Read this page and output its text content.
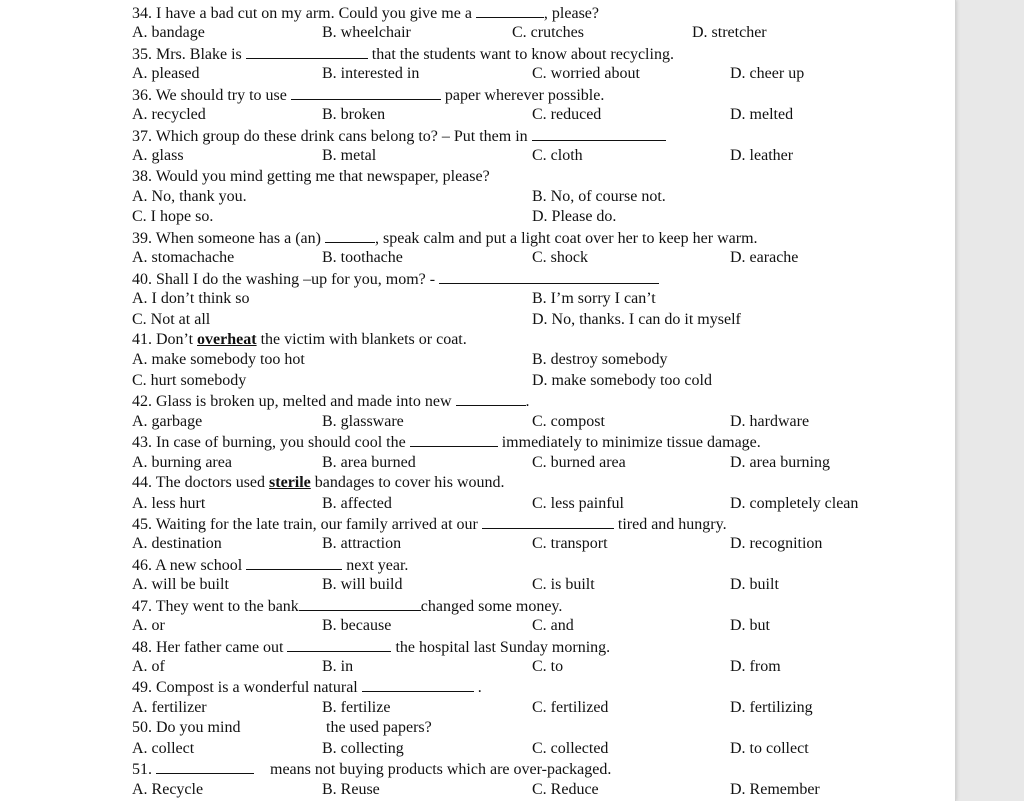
34. I have a bad cut on my arm. Could you give me a	, please?
A. bandage	B. wheelchair	C. crutches	D. stretcher
35. Mrs. Blake is	that the students want to know about recycling.
A. pleased	B. interested in	C. worried about	D. cheer up
36. We should try to use	paper wherever possible.
A. recycled	B. broken	C. reduced	D. melted
37. Which group do these drink cans belong to? – Put them in
A. glass	B. metal	C. cloth	D. leather
38. Would you mind getting me that newspaper, please?
A. No, thank you.	B. No, of course not.
C. I hope so.	D. Please do.
39. When someone has a (an)	, speak calm and put a light coat over her to keep her warm.
A. stomachache	B. toothache	C. shock	D. earache
40. Shall I do the washing –up for you, mom? -
A. I don’t think so	B. I’m sorry I can’t
C. Not at all	D. No, thanks. I can do it myself
41. Don’t overheat the victim with blankets or coat.
A. make somebody too hot	B. destroy somebody
C. hurt somebody	D. make somebody too cold
42. Glass is broken up, melted and made into new	.
A. garbage	B. glassware	C. compost	D. hardware
43. In case of burning, you should cool the	immediately to minimize tissue damage.
A. burning area	B. area burned	C. burned area	D. area burning
44. The doctors used sterile bandages to cover his wound.
A. less hurt	B. affected	C. less painful	D. completely clean
45. Waiting for the late train, our family arrived at our	tired and hungry.
A. destination	B. attraction	C. transport	D. recognition
46. A new school	next year.
A. will be built	B. will build	C. is built	D. built
47. They went to the bank	changed some money.
A. or	B. because	C. and	D. but
48. Her father came out	the hospital last Sunday morning.
A. of	B. in	C. to	D. from
49. Compost is a wonderful natural	.
A. fertilizer	B. fertilize	C. fertilized	D. fertilizing
50. Do you mind	the used papers?
A. collect	B. collecting	C. collected	D. to collect
51.	means not buying products which are over-packaged.
A. Recycle	B. Reuse	C. Reduce	D. Remember
